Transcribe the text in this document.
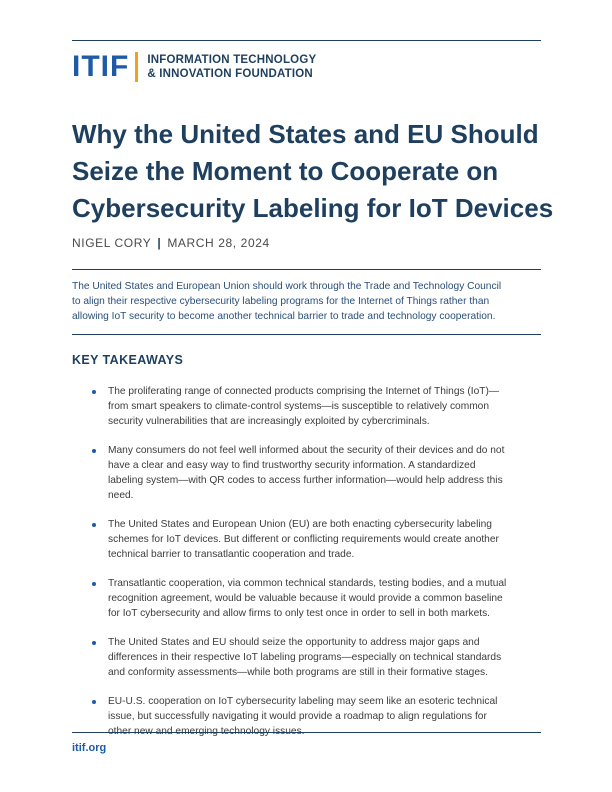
ITIF INFORMATION TECHNOLOGY
& INNOVATION FOUNDATION
Why the United States and EU Should
Seize the Moment to Cooperate on
Cybersecurity Labeling for IoT Devices
NIGEL CORY | MARCH 28, 2024
The United States and European Union should work through the Trade and Technology Council
to align their respective cybersecurity labeling programs for the Internet of Things rather than
allowing IoT security to become another technical barrier to trade and technology cooperation.
KEY TAKEAWAYS
The proliferating range of connected products comprising the Internet of Things (IoT)—
from smart speakers to climate-control systems—is susceptible to relatively common
security vulnerabilities that are increasingly exploited by cybercriminals.
Many consumers do not feel well informed about the security of their devices and do not
have a clear and easy way to find trustworthy security information. A standardized
labeling system—with QR codes to access further information—would help address this
need.
The United States and European Union (EU) are both enacting cybersecurity labeling
schemes for IoT devices. But different or conflicting requirements would create another
technical barrier to transatlantic cooperation and trade.
Transatlantic cooperation, via common technical standards, testing bodies, and a mutual
recognition agreement, would be valuable because it would provide a common baseline
for IoT cybersecurity and allow firms to only test once in order to sell in both markets.
The United States and EU should seize the opportunity to address major gaps and
differences in their respective IoT labeling programs—especially on technical standards
and conformity assessments—while both programs are still in their formative stages.
EU-U.S. cooperation on IoT cybersecurity labeling may seem like an esoteric technical
issue, but successfully navigating it would provide a roadmap to align regulations for
other new and emerging technology issues.
itif.org
